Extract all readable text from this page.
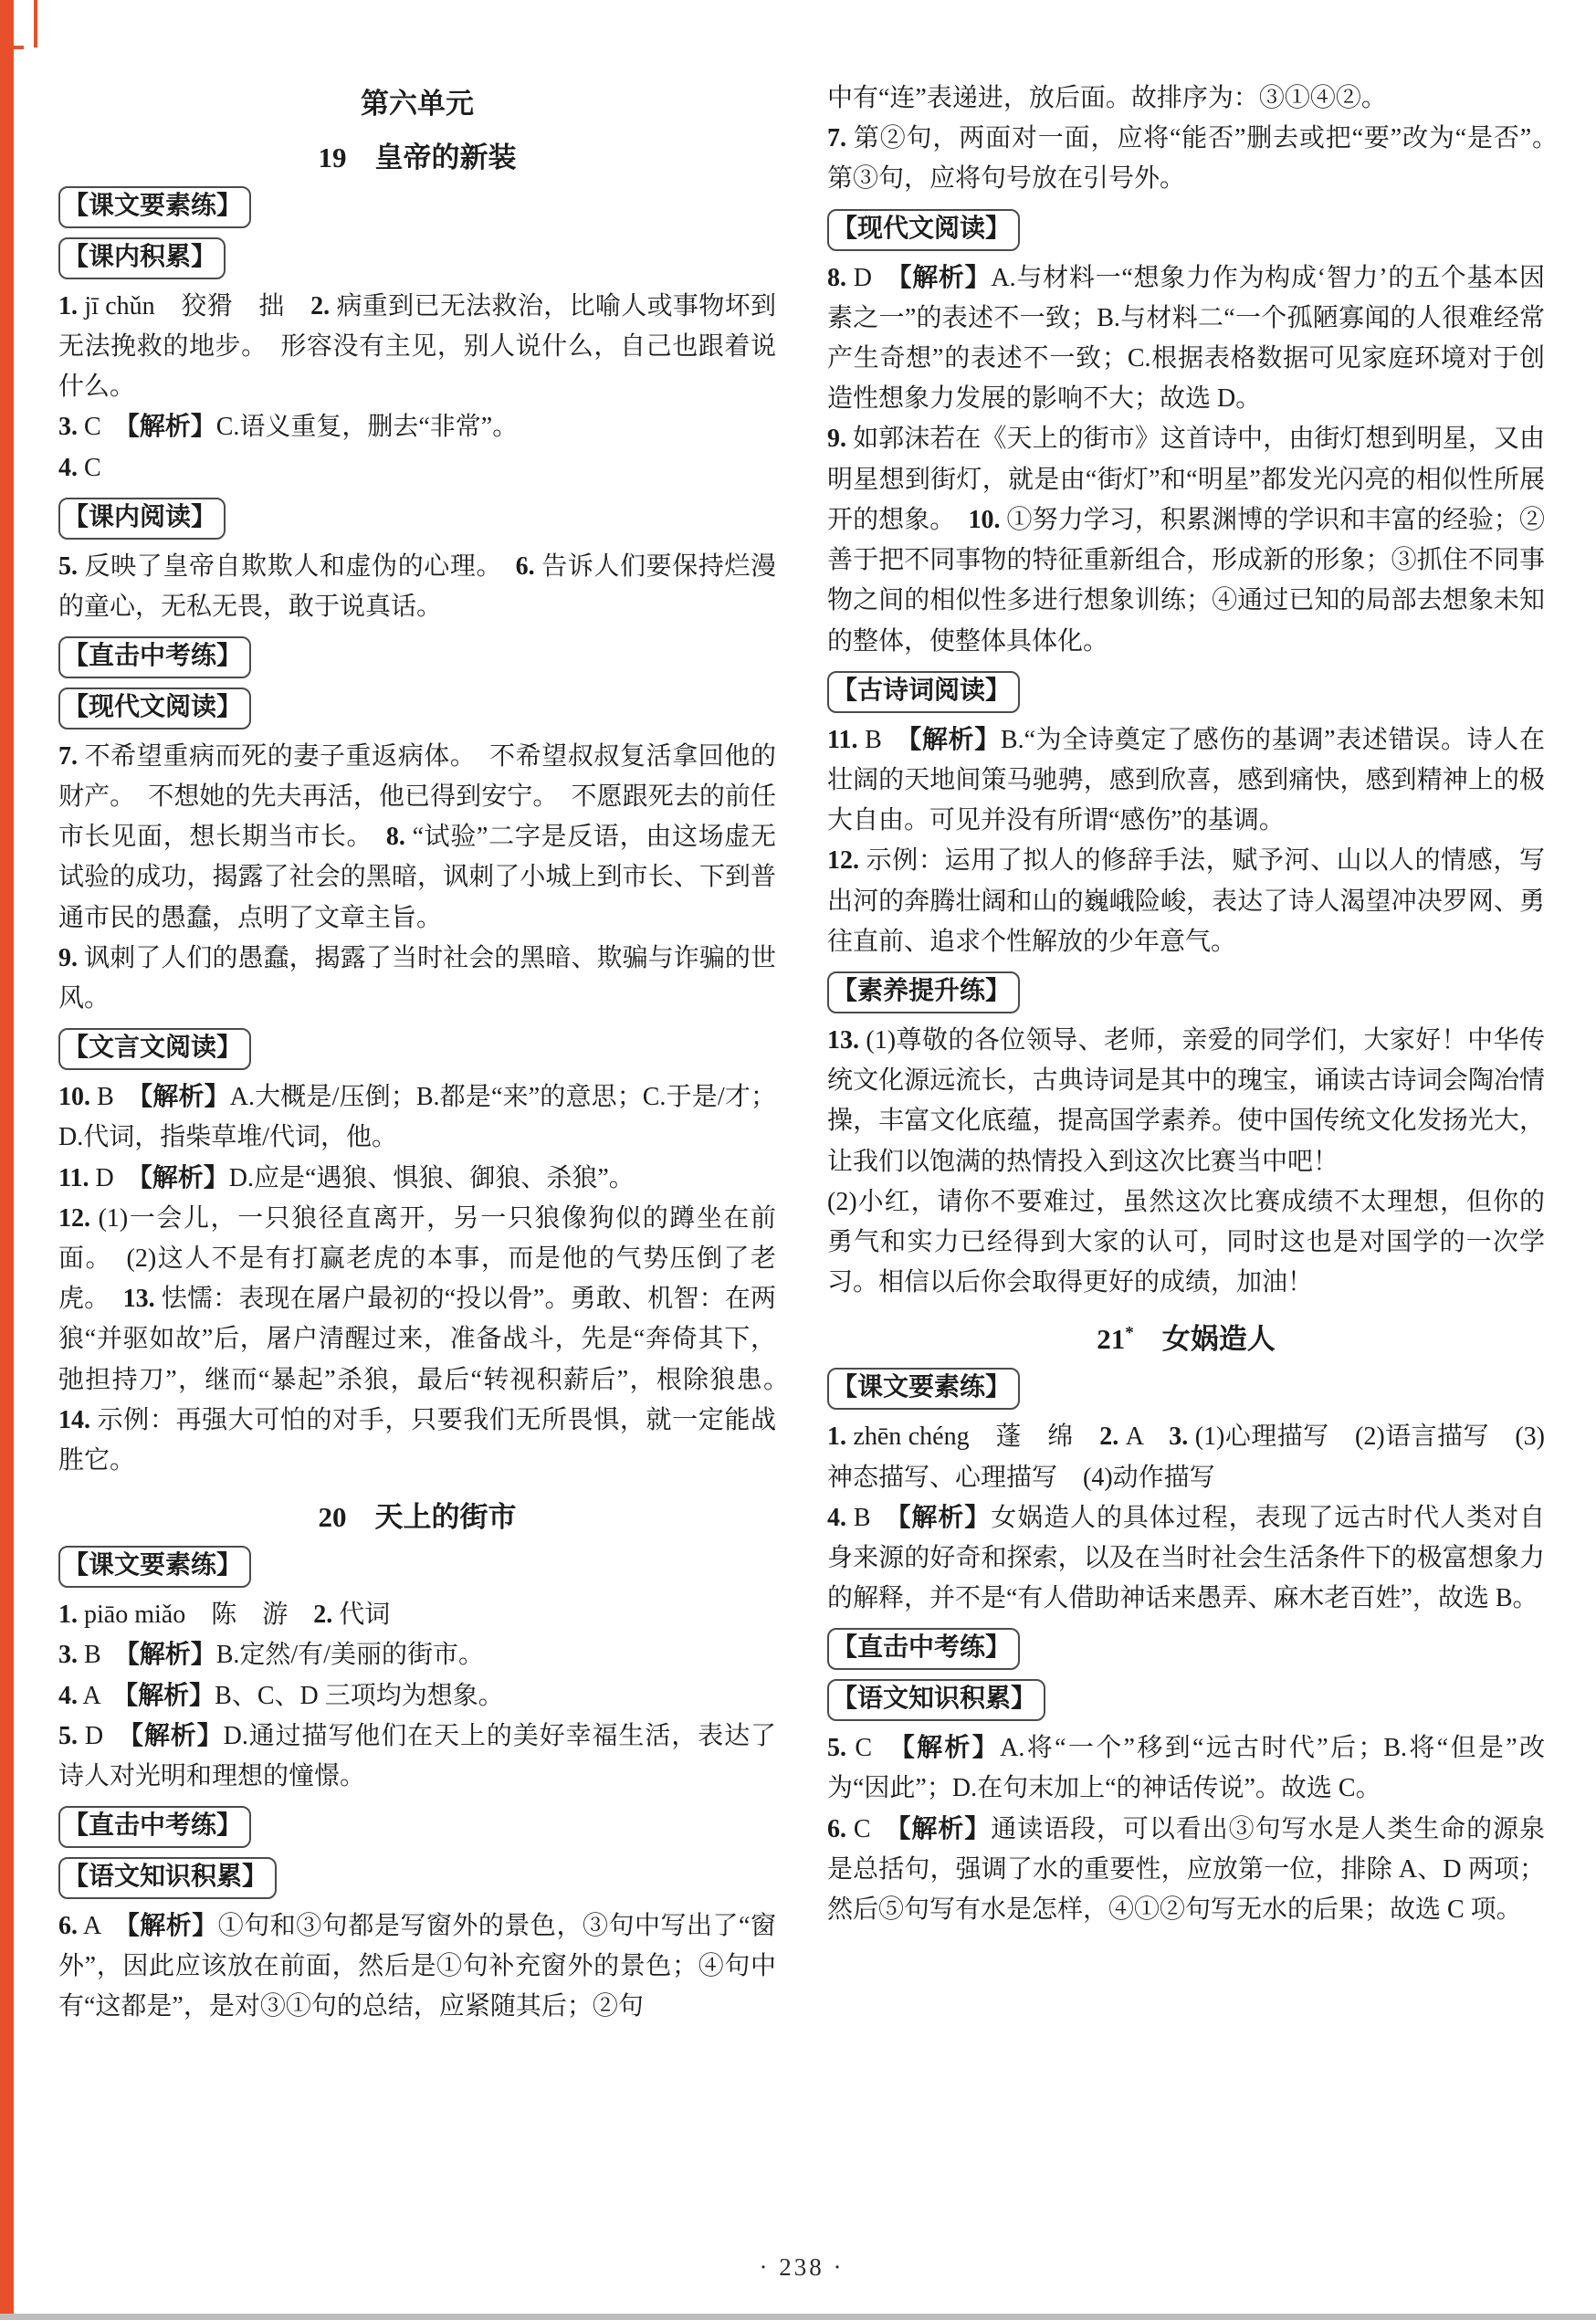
第六单元
19　皇帝的新装
【课文要素练】
【课内积累】

1. jī chǔn　狡猾　拙　2. 病重到已无法救治，比喻人或事物坏到无法挽救的地步。　形容没有主见，别人说什么，自己也跟着说什么。

3. C　【解析】C.语义重复，删去“非常”。

4. C

【课内阅读】

5. 反映了皇帝自欺欺人和虚伪的心理。　6. 告诉人们要保持烂漫的童心，无私无畏，敢于说真话。

【直击中考练】
【现代文阅读】

7. 不希望重病而死的妻子重返病体。　不希望叔叔复活拿回他的财产。　不想她的先夫再活，他已得到安宁。　不愿跟死去的前任市长见面，想长期当市长。　8. “试验”二字是反语，由这场虚无试验的成功，揭露了社会的黑暗，讽刺了小城上到市长、下到普通市民的愚蠢，点明了文章主旨。

9. 讽刺了人们的愚蠢，揭露了当时社会的黑暗、欺骗与诈骗的世风。

【文言文阅读】

10. B　【解析】A.大概是/压倒；B.都是“来”的意思；C.于是/才；D.代词，指柴草堆/代词，他。

11. D　【解析】D.应是“遇狼、惧狼、御狼、杀狼”。

12. (1)一会儿，一只狼径直离开，另一只狼像狗似的蹲坐在前面。　(2)这人不是有打赢老虎的本事，而是他的气势压倒了老虎。　13. 怯懦：表现在屠户最初的“投以骨”。勇敢、机智：在两狼“并驱如故”后，屠户清醒过来，准备战斗，先是“奔倚其下，弛担持刀”，继而“暴起”杀狼，最后“转视积薪后”，根除狼患。　14. 示例：再强大可怕的对手，只要我们无所畏惧，就一定能战胜它。

20　天上的街市
【课文要素练】

1. piāo miǎo　陈　游　2. 代词

3. B　【解析】B.定然/有/美丽的街市。

4. A　【解析】B、C、D 三项均为想象。

5. D　【解析】D.通过描写他们在天上的美好幸福生活，表达了诗人对光明和理想的憧憬。

【直击中考练】
【语文知识积累】

6. A　【解析】①句和③句都是写窗外的景色，③句中写出了“窗外”，因此应该放在前面，然后是①句补充窗外的景色；④句中有“这都是”，是对③①句的总结，应紧随其后；②句

中有“连”表递进，放后面。故排序为：③①④②。

7. 第②句，两面对一面，应将“能否”删去或把“要”改为“是否”。　第③句，应将句号放在引号外。

【现代文阅读】

8. D　【解析】A.与材料一“想象力作为构成‘智力’的五个基本因素之一”的表述不一致；B.与材料二“一个孤陋寡闻的人很难经常产生奇想”的表述不一致；C.根据表格数据可见家庭环境对于创造性想象力发展的影响不大；故选 D。

9. 如郭沫若在《天上的街市》这首诗中，由街灯想到明星，又由明星想到街灯，就是由“街灯”和“明星”都发光闪亮的相似性所展开的想象。　10. ①努力学习，积累渊博的学识和丰富的经验；②善于把不同事物的特征重新组合，形成新的形象；③抓住不同事物之间的相似性多进行想象训练；④通过已知的局部去想象未知的整体，使整体具体化。

【古诗词阅读】

11. B　【解析】B.“为全诗奠定了感伤的基调”表述错误。诗人在壮阔的天地间策马驰骋，感到欣喜，感到痛快，感到精神上的极大自由。可见并没有所谓“感伤”的基调。

12. 示例：运用了拟人的修辞手法，赋予河、山以人的情感，写出河的奔腾壮阔和山的巍峨险峻，表达了诗人渴望冲决罗网、勇往直前、追求个性解放的少年意气。

【素养提升练】

13. (1)尊敬的各位领导、老师，亲爱的同学们，大家好！中华传统文化源远流长，古典诗词是其中的瑰宝，诵读古诗词会陶冶情操，丰富文化底蕴，提高国学素养。使中国传统文化发扬光大，让我们以饱满的热情投入到这次比赛当中吧！

(2)小红，请你不要难过，虽然这次比赛成绩不太理想，但你的勇气和实力已经得到大家的认可，同时这也是对国学的一次学习。相信以后你会取得更好的成绩，加油！

21*　女娲造人
【课文要素练】

1. zhēn chéng　蓬　绵　2. A　3. (1)心理描写　(2)语言描写　(3)神态描写、心理描写　(4)动作描写

4. B　【解析】女娲造人的具体过程，表现了远古时代人类对自身来源的好奇和探索，以及在当时社会生活条件下的极富想象力的解释，并不是“有人借助神话来愚弄、麻木老百姓”，故选 B。

【直击中考练】
【语文知识积累】

5. C　【解析】A.将“一个”移到“远古时代”后；B.将“但是”改为“因此”；D.在句末加上“的神话传说”。故选 C。

6. C　【解析】通读语段，可以看出③句写水是人类生命的源泉是总括句，强调了水的重要性，应放第一位，排除 A、D 两项；然后⑤句写有水是怎样，④①②句写无水的后果；故选 C 项。

· 238 ·
